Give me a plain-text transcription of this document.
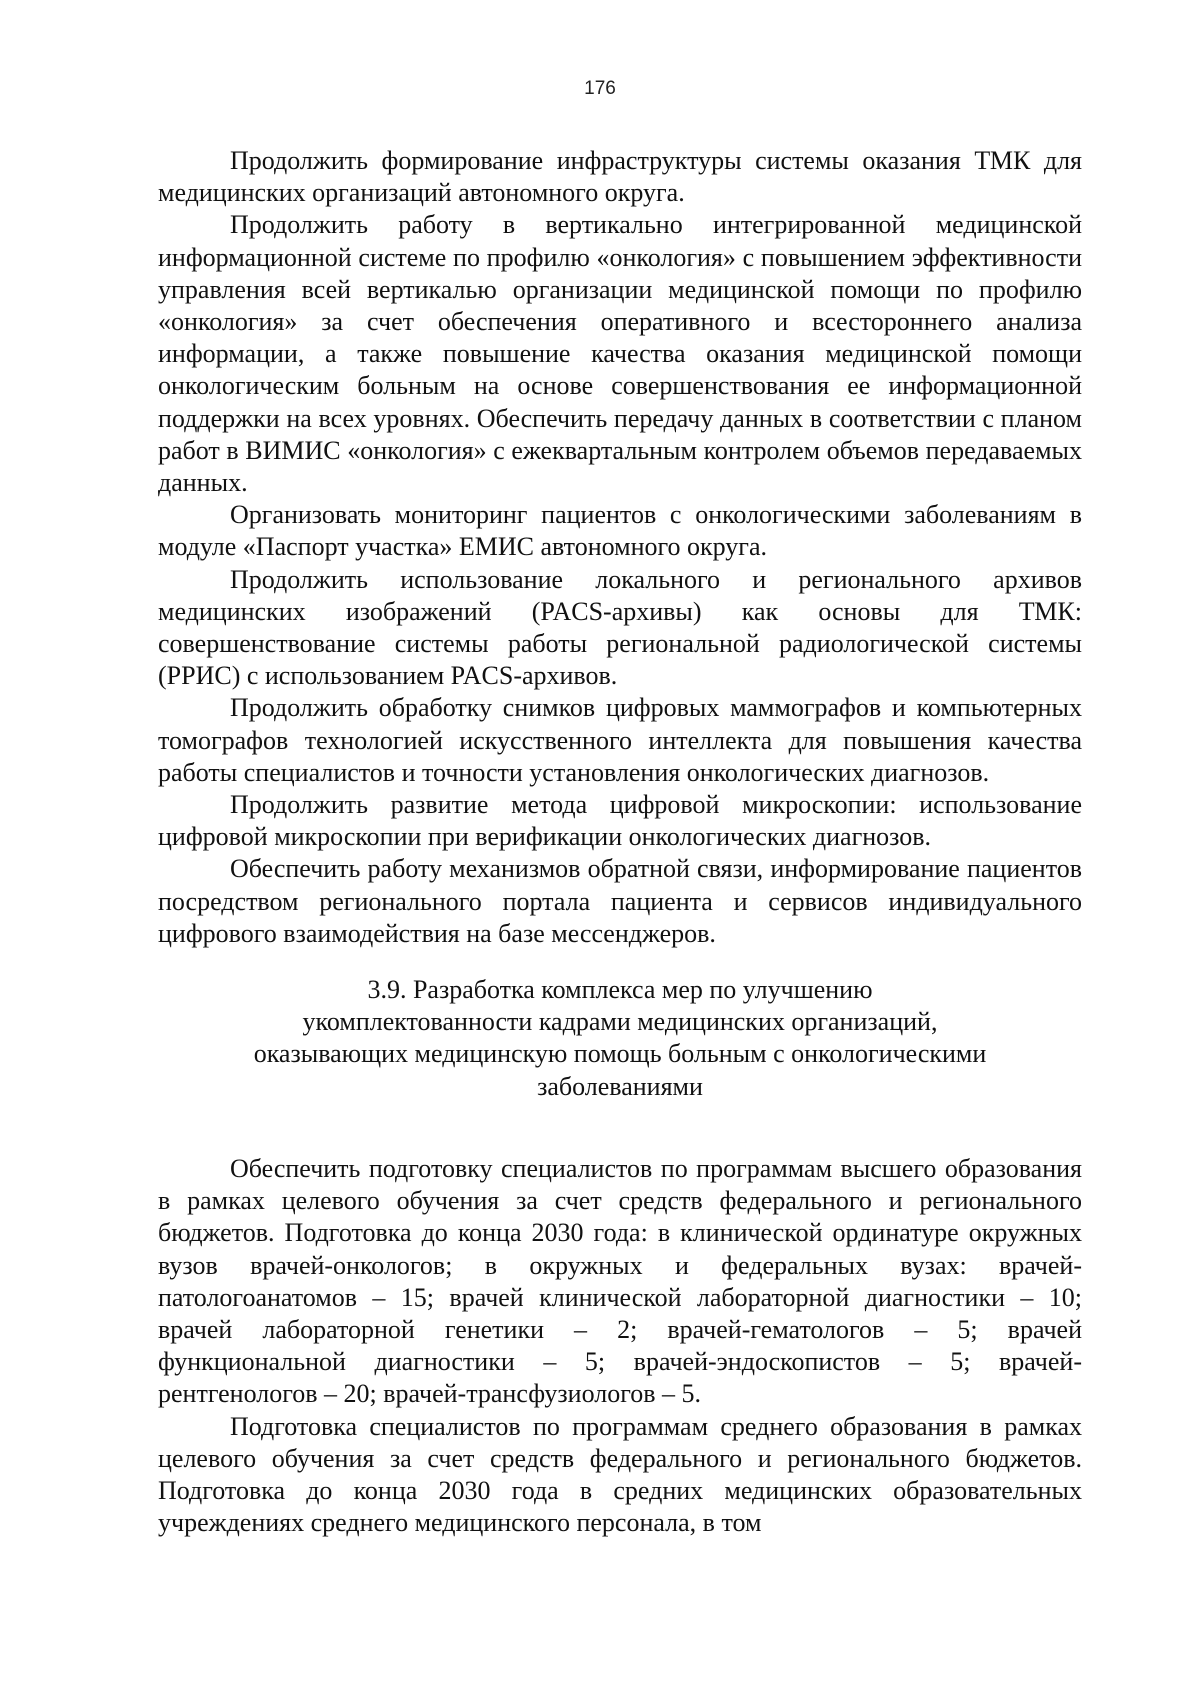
176

Продолжить формирование инфраструктуры системы оказания ТМК для медицинских организаций автономного округа.

Продолжить работу в вертикально интегрированной медицинской информационной системе по профилю «онкология» с повышением эффективности управления всей вертикалью организации медицинской помощи по профилю «онкология» за счет обеспечения оперативного и всестороннего анализа информации, а также повышение качества оказания медицинской помощи онкологическим больным на основе совершенствования ее информационной поддержки на всех уровнях. Обеспечить передачу данных в соответствии с планом работ в ВИМИС «онкология» с ежеквартальным контролем объемов передаваемых данных.

Организовать мониторинг пациентов с онкологическими заболеваниям в модуле «Паспорт участка» ЕМИС автономного округа.

Продолжить использование локального и регионального архивов медицинских изображений (PACS-архивы) как основы для ТМК: совершенствование системы работы региональной радиологической системы (РРИС) с использованием PACS-архивов.

Продолжить обработку снимков цифровых маммографов и компьютерных томографов технологией искусственного интеллекта для повышения качества работы специалистов и точности установления онкологических диагнозов.

Продолжить развитие метода цифровой микроскопии: использование цифровой микроскопии при верификации онкологических диагнозов.

Обеспечить работу механизмов обратной связи, информирование пациентов посредством регионального портала пациента и сервисов индивидуального цифрового взаимодействия на базе мессенджеров.

3.9. Разработка комплекса мер по улучшению
укомплектованности кадрами медицинских организаций,
оказывающих медицинскую помощь больным с онкологическими
заболеваниями

Обеспечить подготовку специалистов по программам высшего образования в рамках целевого обучения за счет средств федерального и регионального бюджетов. Подготовка до конца 2030 года: в клинической ординатуре окружных вузов врачей-онкологов; в окружных и федеральных вузах: врачей-патологоанатомов – 15; врачей клинической лабораторной диагностики – 10; врачей лабораторной генетики – 2; врачей-гематологов – 5; врачей функциональной диагностики – 5; врачей-эндоскопистов – 5; врачей-рентгенологов – 20; врачей-трансфузиологов – 5.

Подготовка специалистов по программам среднего образования в рамках целевого обучения за счет средств федерального и регионального бюджетов. Подготовка до конца 2030 года в средних медицинских образовательных учреждениях среднего медицинского персонала, в том
